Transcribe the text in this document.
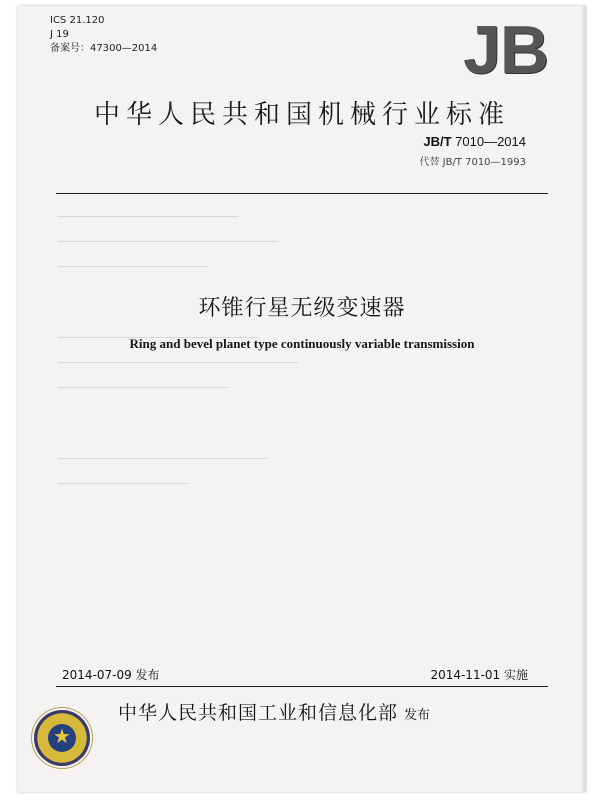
ICS 21.120
J 19
备案号：47300—2014	JB
中华人民共和国机械行业标准
JB/T 7010—2014
代替 JB/T 7010—1993
环锥行星无级变速器
Ring and bevel planet type continuously variable transmission
2014-07-09 发布	2014-11-01 实施
★
中华人民共和国工业和信息化部 发布
